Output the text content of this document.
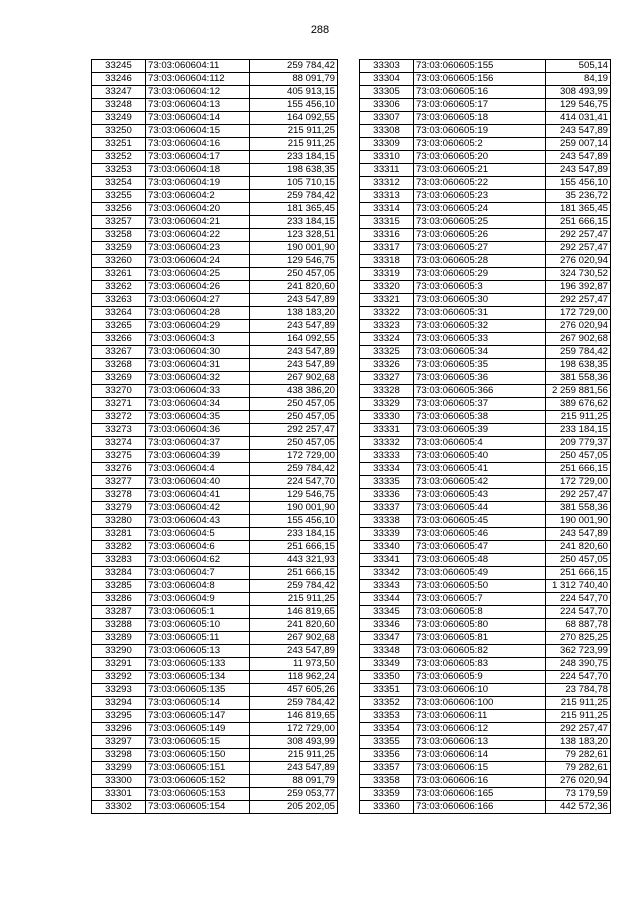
288
33245	73:03:060604:11	259 784,42
33246	73:03:060604:112	88 091,79
33247	73:03:060604:12	405 913,15
33248	73:03:060604:13	155 456,10
33249	73:03:060604:14	164 092,55
33250	73:03:060604:15	215 911,25
33251	73:03:060604:16	215 911,25
33252	73:03:060604:17	233 184,15
33253	73:03:060604:18	198 638,35
33254	73:03:060604:19	105 710,15
33255	73:03:060604:2	259 784,42
33256	73:03:060604:20	181 365,45
33257	73:03:060604:21	233 184,15
33258	73:03:060604:22	123 328,51
33259	73:03:060604:23	190 001,90
33260	73:03:060604:24	129 546,75
33261	73:03:060604:25	250 457,05
33262	73:03:060604:26	241 820,60
33263	73:03:060604:27	243 547,89
33264	73:03:060604:28	138 183,20
33265	73:03:060604:29	243 547,89
33266	73:03:060604:3	164 092,55
33267	73:03:060604:30	243 547,89
33268	73:03:060604:31	243 547,89
33269	73:03:060604:32	267 902,68
33270	73:03:060604:33	438 386,20
33271	73:03:060604:34	250 457,05
33272	73:03:060604:35	250 457,05
33273	73:03:060604:36	292 257,47
33274	73:03:060604:37	250 457,05
33275	73:03:060604:39	172 729,00
33276	73:03:060604:4	259 784,42
33277	73:03:060604:40	224 547,70
33278	73:03:060604:41	129 546,75
33279	73:03:060604:42	190 001,90
33280	73:03:060604:43	155 456,10
33281	73:03:060604:5	233 184,15
33282	73:03:060604:6	251 666,15
33283	73:03:060604:62	443 321,93
33284	73:03:060604:7	251 666,15
33285	73:03:060604:8	259 784,42
33286	73:03:060604:9	215 911,25
33287	73:03:060605:1	146 819,65
33288	73:03:060605:10	241 820,60
33289	73:03:060605:11	267 902,68
33290	73:03:060605:13	243 547,89
33291	73:03:060605:133	11 973,50
33292	73:03:060605:134	118 962,24
33293	73:03:060605:135	457 605,26
33294	73:03:060605:14	259 784,42
33295	73:03:060605:147	146 819,65
33296	73:03:060605:149	172 729,00
33297	73:03:060605:15	308 493,99
33298	73:03:060605:150	215 911,25
33299	73:03:060605:151	243 547,89
33300	73:03:060605:152	88 091,79
33301	73:03:060605:153	259 053,77
33302	73:03:060605:154	205 202,05
33303	73:03:060605:155	505,14
33304	73:03:060605:156	84,19
33305	73:03:060605:16	308 493,99
33306	73:03:060605:17	129 546,75
33307	73:03:060605:18	414 031,41
33308	73:03:060605:19	243 547,89
33309	73:03:060605:2	259 007,14
33310	73:03:060605:20	243 547,89
33311	73:03:060605:21	243 547,89
33312	73:03:060605:22	155 456,10
33313	73:03:060605:23	35 236,72
33314	73:03:060605:24	181 365,45
33315	73:03:060605:25	251 666,15
33316	73:03:060605:26	292 257,47
33317	73:03:060605:27	292 257,47
33318	73:03:060605:28	276 020,94
33319	73:03:060605:29	324 730,52
33320	73:03:060605:3	196 392,87
33321	73:03:060605:30	292 257,47
33322	73:03:060605:31	172 729,00
33323	73:03:060605:32	276 020,94
33324	73:03:060605:33	267 902,68
33325	73:03:060605:34	259 784,42
33326	73:03:060605:35	198 638,35
33327	73:03:060605:36	381 558,36
33328	73:03:060605:366	2 259 881,56
33329	73:03:060605:37	389 676,62
33330	73:03:060605:38	215 911,25
33331	73:03:060605:39	233 184,15
33332	73:03:060605:4	209 779,37
33333	73:03:060605:40	250 457,05
33334	73:03:060605:41	251 666,15
33335	73:03:060605:42	172 729,00
33336	73:03:060605:43	292 257,47
33337	73:03:060605:44	381 558,36
33338	73:03:060605:45	190 001,90
33339	73:03:060605:46	243 547,89
33340	73:03:060605:47	241 820,60
33341	73:03:060605:48	250 457,05
33342	73:03:060605:49	251 666,15
33343	73:03:060605:50	1 312 740,40
33344	73:03:060605:7	224 547,70
33345	73:03:060605:8	224 547,70
33346	73:03:060605:80	68 887,78
33347	73:03:060605:81	270 825,25
33348	73:03:060605:82	362 723,99
33349	73:03:060605:83	248 390,75
33350	73:03:060605:9	224 547,70
33351	73:03:060606:10	23 784,78
33352	73:03:060606:100	215 911,25
33353	73:03:060606:11	215 911,25
33354	73:03:060606:12	292 257,47
33355	73:03:060606:13	138 183,20
33356	73:03:060606:14	79 282,61
33357	73:03:060606:15	79 282,61
33358	73:03:060606:16	276 020,94
33359	73:03:060606:165	73 179,59
33360	73:03:060606:166	442 572,36
